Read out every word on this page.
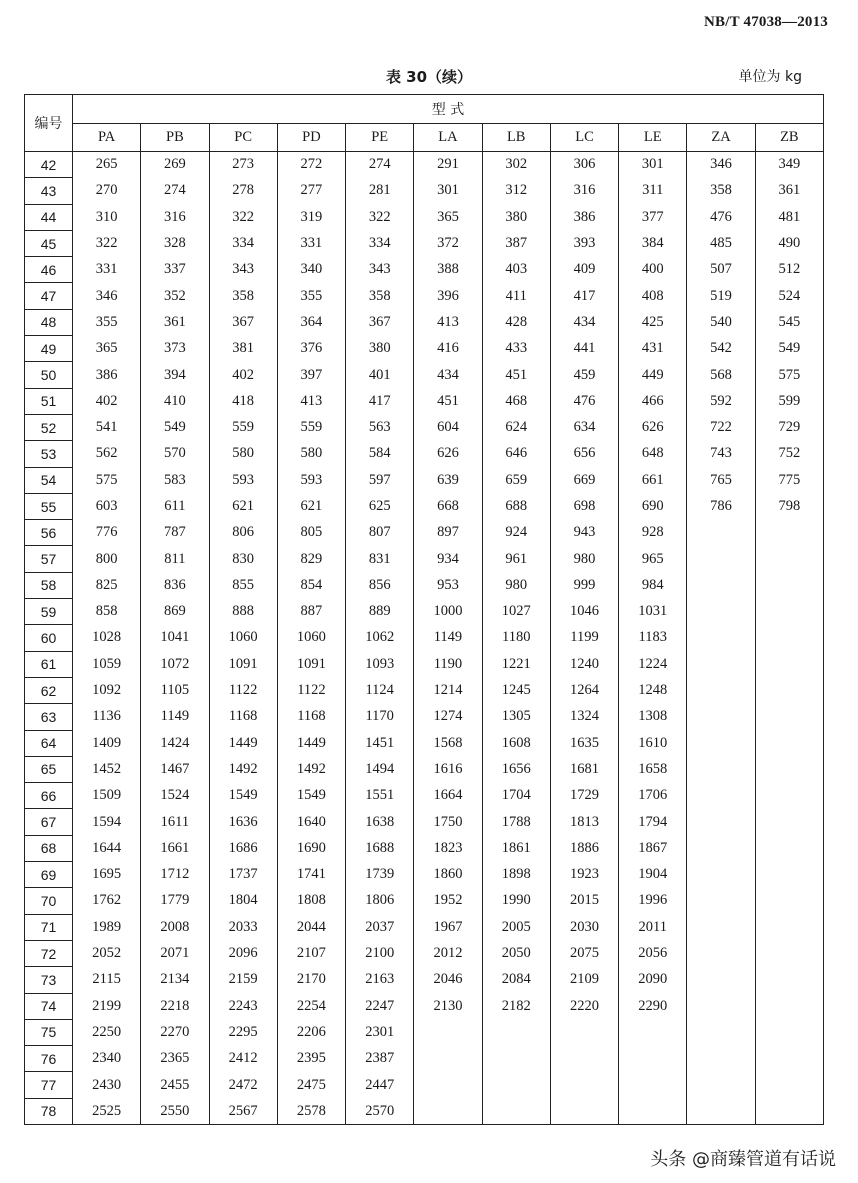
NB/T 47038—2013
表 30（续）	单位为 kg
编号	型 式										
	PA	PB	PC	PD	PE	LA	LB	LC	LE	ZA	ZB
42	265	269	273	272	274	291	302	306	301	346	349
43	270	274	278	277	281	301	312	316	311	358	361
44	310	316	322	319	322	365	380	386	377	476	481
45	322	328	334	331	334	372	387	393	384	485	490
46	331	337	343	340	343	388	403	409	400	507	512
47	346	352	358	355	358	396	411	417	408	519	524
48	355	361	367	364	367	413	428	434	425	540	545
49	365	373	381	376	380	416	433	441	431	542	549
50	386	394	402	397	401	434	451	459	449	568	575
51	402	410	418	413	417	451	468	476	466	592	599
52	541	549	559	559	563	604	624	634	626	722	729
53	562	570	580	580	584	626	646	656	648	743	752
54	575	583	593	593	597	639	659	669	661	765	775
55	603	611	621	621	625	668	688	698	690	786	798
56	776	787	806	805	807	897	924	943	928		
57	800	811	830	829	831	934	961	980	965		
58	825	836	855	854	856	953	980	999	984		
59	858	869	888	887	889	1000	1027	1046	1031		
60	1028	1041	1060	1060	1062	1149	1180	1199	1183		
61	1059	1072	1091	1091	1093	1190	1221	1240	1224		
62	1092	1105	1122	1122	1124	1214	1245	1264	1248		
63	1136	1149	1168	1168	1170	1274	1305	1324	1308		
64	1409	1424	1449	1449	1451	1568	1608	1635	1610		
65	1452	1467	1492	1492	1494	1616	1656	1681	1658		
66	1509	1524	1549	1549	1551	1664	1704	1729	1706		
67	1594	1611	1636	1640	1638	1750	1788	1813	1794		
68	1644	1661	1686	1690	1688	1823	1861	1886	1867		
69	1695	1712	1737	1741	1739	1860	1898	1923	1904		
70	1762	1779	1804	1808	1806	1952	1990	2015	1996		
71	1989	2008	2033	2044	2037	1967	2005	2030	2011		
72	2052	2071	2096	2107	2100	2012	2050	2075	2056		
73	2115	2134	2159	2170	2163	2046	2084	2109	2090		
74	2199	2218	2243	2254	2247	2130	2182	2220	2290		
75	2250	2270	2295	2206	2301						
76	2340	2365	2412	2395	2387						
77	2430	2455	2472	2475	2447						
78	2525	2550	2567	2578	2570						
头条 @商臻管道有话说
